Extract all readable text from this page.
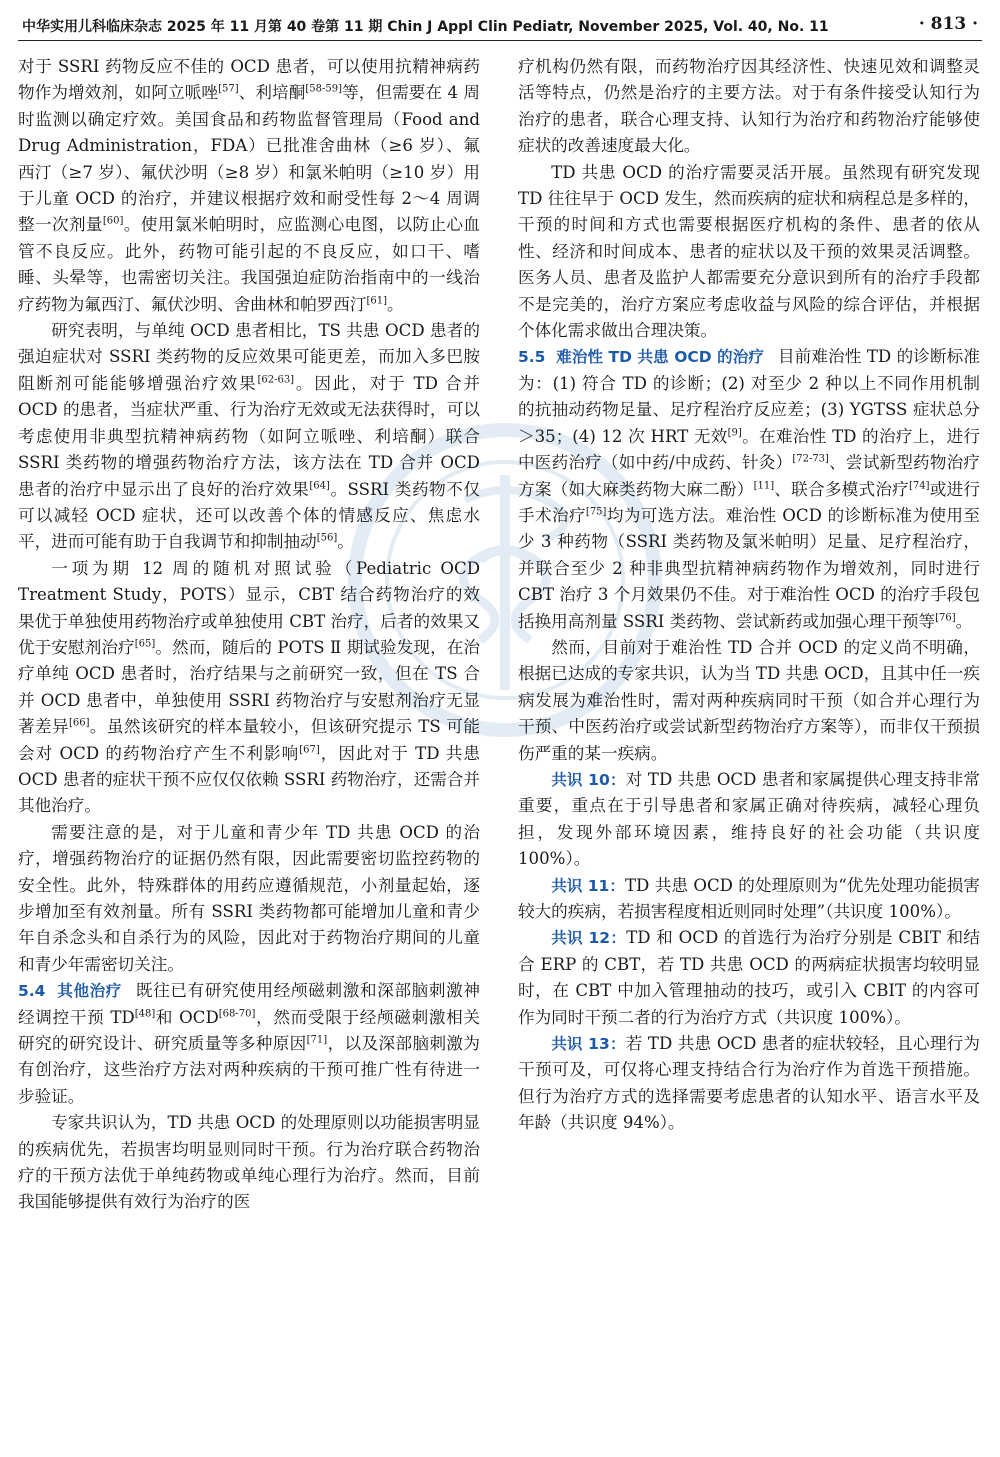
中华实用儿科临床杂志 2025 年 11 月第 40 卷第 11 期 Chin J Appl Clin Pediatr, November 2025, Vol. 40, No. 11	· 813 ·

对于 SSRI 药物反应不佳的 OCD 患者，可以使用抗精神病药物作为增效剂，如阿立哌唑[57]、利培酮[58-59]等，但需要在 4 周时监测以确定疗效。美国食品和药物监督管理局（Food and Drug Administration，FDA）已批准舍曲林（≥6 岁）、氟西汀（≥7 岁）、氟伏沙明（≥8 岁）和氯米帕明（≥10 岁）用于儿童 OCD 的治疗，并建议根据疗效和耐受性每 2～4 周调整一次剂量[60]。使用氯米帕明时，应监测心电图，以防止心血管不良反应。此外，药物可能引起的不良反应，如口干、嗜睡、头晕等，也需密切关注。我国强迫症防治指南中的一线治疗药物为氟西汀、氟伏沙明、舍曲林和帕罗西汀[61]。

研究表明，与单纯 OCD 患者相比，TS 共患 OCD 患者的强迫症状对 SSRI 类药物的反应效果可能更差，而加入多巴胺阻断剂可能能够增强治疗效果[62-63]。因此，对于 TD 合并 OCD 的患者，当症状严重、行为治疗无效或无法获得时，可以考虑使用非典型抗精神病药物（如阿立哌唑、利培酮）联合 SSRI 类药物的增强药物治疗方法，该方法在 TD 合并 OCD 患者的治疗中显示出了良好的治疗效果[64]。SSRI 类药物不仅可以减轻 OCD 症状，还可以改善个体的情感反应、焦虑水平，进而可能有助于自我调节和抑制抽动[56]。

一项为期 12 周的随机对照试验（Pediatric OCD Treatment Study，POTS）显示，CBT 结合药物治疗的效果优于单独使用药物治疗或单独使用 CBT 治疗，后者的效果又优于安慰剂治疗[65]。然而，随后的 POTS Ⅱ 期试验发现，在治疗单纯 OCD 患者时，治疗结果与之前研究一致，但在 TS 合并 OCD 患者中，单独使用 SSRI 药物治疗与安慰剂治疗无显著差异[66]。虽然该研究的样本量较小，但该研究提示 TS 可能会对 OCD 的药物治疗产生不利影响[67]，因此对于 TD 共患 OCD 患者的症状干预不应仅仅依赖 SSRI 药物治疗，还需合并其他治疗。

需要注意的是，对于儿童和青少年 TD 共患 OCD 的治疗，增强药物治疗的证据仍然有限，因此需要密切监控药物的安全性。此外，特殊群体的用药应遵循规范，小剂量起始，逐步增加至有效剂量。所有 SSRI 类药物都可能增加儿童和青少年自杀念头和自杀行为的风险，因此对于药物治疗期间的儿童和青少年需密切关注。

5.4 其他治疗 既往已有研究使用经颅磁刺激和深部脑刺激神经调控干预 TD[48]和 OCD[68-70]，然而受限于经颅磁刺激相关研究的研究设计、研究质量等多种原因[71]，以及深部脑刺激为有创治疗，这些治疗方法对两种疾病的干预可推广性有待进一步验证。

专家共识认为，TD 共患 OCD 的处理原则以功能损害明显的疾病优先，若损害均明显则同时干预。行为治疗联合药物治疗的干预方法优于单纯药物或单纯心理行为治疗。然而，目前我国能够提供有效行为治疗的医

疗机构仍然有限，而药物治疗因其经济性、快速见效和调整灵活等特点，仍然是治疗的主要方法。对于有条件接受认知行为治疗的患者，联合心理支持、认知行为治疗和药物治疗能够使症状的改善速度最大化。

TD 共患 OCD 的治疗需要灵活开展。虽然现有研究发现 TD 往往早于 OCD 发生，然而疾病的症状和病程总是多样的，干预的时间和方式也需要根据医疗机构的条件、患者的依从性、经济和时间成本、患者的症状以及干预的效果灵活调整。医务人员、患者及监护人都需要充分意识到所有的治疗手段都不是完美的，治疗方案应考虑收益与风险的综合评估，并根据个体化需求做出合理决策。

5.5 难治性 TD 共患 OCD 的治疗 目前难治性 TD 的诊断标准为：(1) 符合 TD 的诊断；(2) 对至少 2 种以上不同作用机制的抗抽动药物足量、足疗程治疗反应差；(3) YGTSS 症状总分＞35；(4) 12 次 HRT 无效[9]。在难治性 TD 的治疗上，进行中医药治疗（如中药/中成药、针灸）[72-73]、尝试新型药物治疗方案（如大麻类药物大麻二酚）[11]、联合多模式治疗[74]或进行手术治疗[75]均为可选方法。难治性 OCD 的诊断标准为使用至少 3 种药物（SSRI 类药物及氯米帕明）足量、足疗程治疗，并联合至少 2 种非典型抗精神病药物作为增效剂，同时进行 CBT 治疗 3 个月效果仍不佳。对于难治性 OCD 的治疗手段包括换用高剂量 SSRI 类药物、尝试新药或加强心理干预等[76]。

然而，目前对于难治性 TD 合并 OCD 的定义尚不明确，根据已达成的专家共识，认为当 TD 共患 OCD，且其中任一疾病发展为难治性时，需对两种疾病同时干预（如合并心理行为干预、中医药治疗或尝试新型药物治疗方案等），而非仅干预损伤严重的某一疾病。

共识 10：对 TD 共患 OCD 患者和家属提供心理支持非常重要，重点在于引导患者和家属正确对待疾病，减轻心理负担，发现外部环境因素，维持良好的社会功能（共识度 100%）。

共识 11：TD 共患 OCD 的处理原则为“优先处理功能损害较大的疾病，若损害程度相近则同时处理”（共识度 100%）。

共识 12：TD 和 OCD 的首选行为治疗分别是 CBIT 和结合 ERP 的 CBT，若 TD 共患 OCD 的两病症状损害均较明显时，在 CBT 中加入管理抽动的技巧，或引入 CBIT 的内容可作为同时干预二者的行为治疗方式（共识度 100%）。

共识 13：若 TD 共患 OCD 患者的症状较轻，且心理行为干预可及，可仅将心理支持结合行为治疗作为首选干预措施。但行为治疗方式的选择需要考虑患者的认知水平、语言水平及年龄（共识度 94%）。
